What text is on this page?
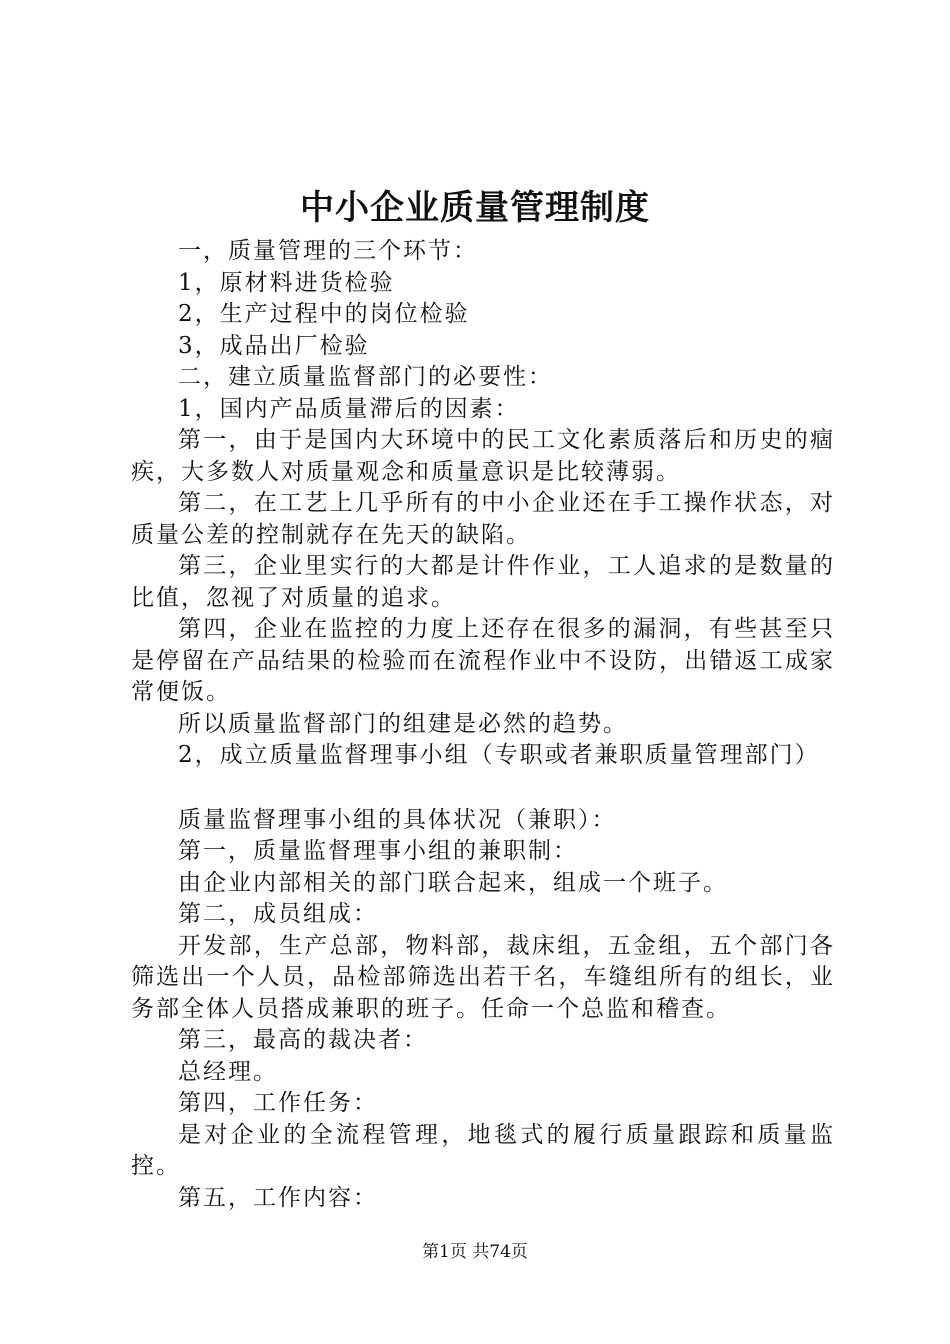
中小企业质量管理制度

一，质量管理的三个环节：

1，原材料进货检验

2，生产过程中的岗位检验

3，成品出厂检验

二，建立质量监督部门的必要性：

1，国内产品质量滞后的因素：

第一，由于是国内大环境中的民工文化素质落后和历史的痼疾，大多数人对质量观念和质量意识是比较薄弱。

第二，在工艺上几乎所有的中小企业还在手工操作状态，对质量公差的控制就存在先天的缺陷。

第三，企业里实行的大都是计件作业，工人追求的是数量的比值，忽视了对质量的追求。

第四，企业在监控的力度上还存在很多的漏洞，有些甚至只是停留在产品结果的检验而在流程作业中不设防，出错返工成家常便饭。

所以质量监督部门的组建是必然的趋势。

2，成立质量监督理事小组（专职或者兼职质量管理部门）

质量监督理事小组的具体状况（兼职）：

第一，质量监督理事小组的兼职制：

由企业内部相关的部门联合起来，组成一个班子。

第二，成员组成：

开发部，生产总部，物料部，裁床组，五金组，五个部门各筛选出一个人员，品检部筛选出若干名，车缝组所有的组长，业务部全体人员搭成兼职的班子。任命一个总监和稽查。

第三，最高的裁决者：

总经理。

第四，工作任务：

是对企业的全流程管理，地毯式的履行质量跟踪和质量监控。

第五，工作内容：

第1页 共74页
